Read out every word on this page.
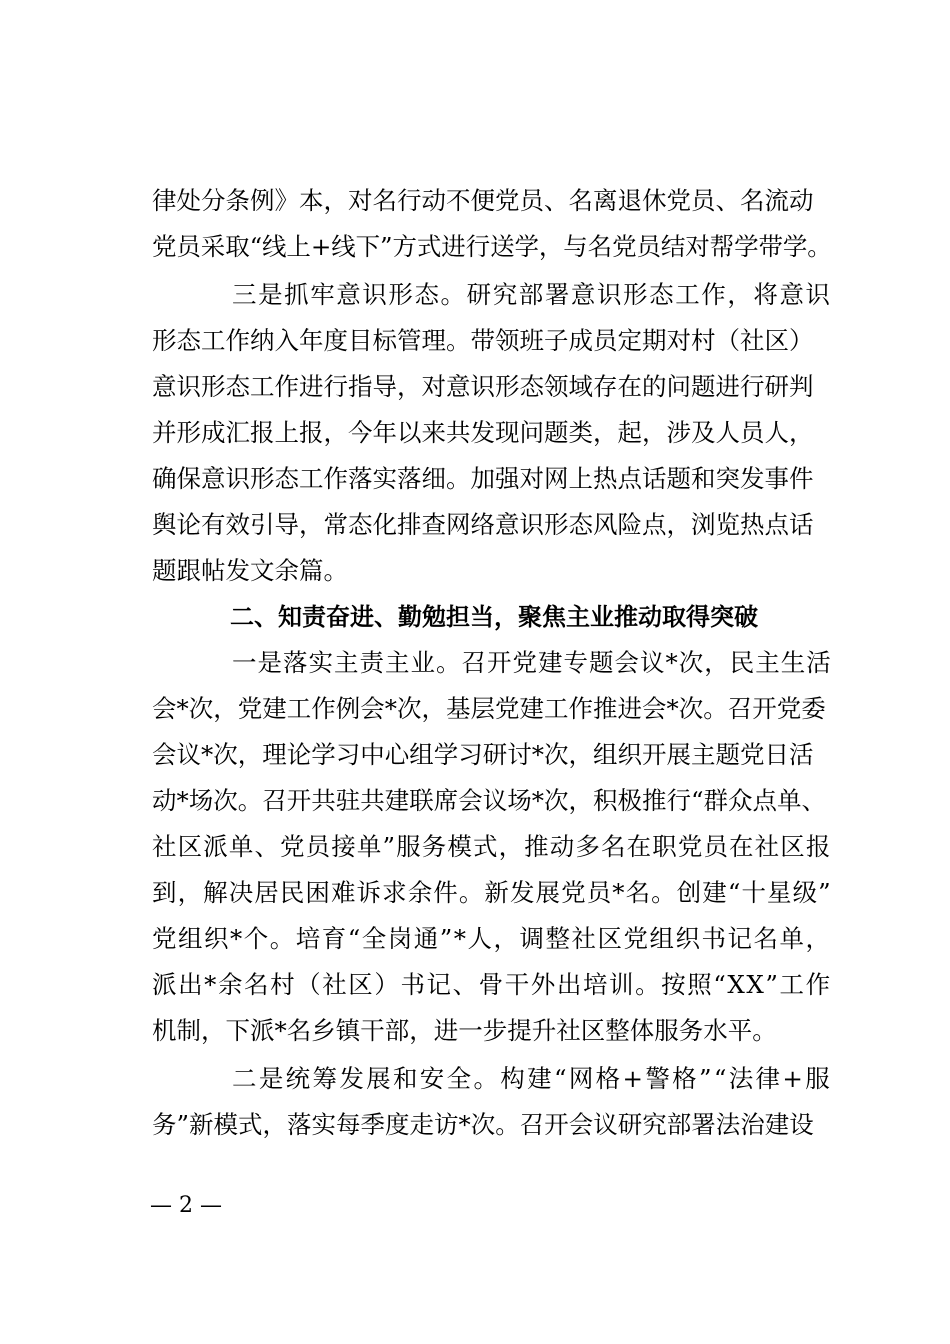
律处分条例》本，对名行动不便党员、名离退休党员、名流动
党员采取“线上+线下”方式进行送学，与名党员结对帮学带学。
三是抓牢意识形态。研究部署意识形态工作，将意识
形态工作纳入年度目标管理。带领班子成员定期对村（社区）
意识形态工作进行指导，对意识形态领域存在的问题进行研判
并形成汇报上报，今年以来共发现问题类，起，涉及人员人，
确保意识形态工作落实落细。加强对网上热点话题和突发事件
舆论有效引导，常态化排查网络意识形态风险点，浏览热点话
题跟帖发文余篇。
二、知责奋进、勤勉担当，聚焦主业推动取得突破
一是落实主责主业。召开党建专题会议*次，民主生活
会*次，党建工作例会*次，基层党建工作推进会*次。召开党委
会议*次，理论学习中心组学习研讨*次，组织开展主题党日活
动*场次。召开共驻共建联席会议场*次，积极推行“群众点单、
社区派单、党员接单”服务模式，推动多名在职党员在社区报
到，解决居民困难诉求余件。新发展党员*名。创建“十星级”
党组织*个。培育“全岗通”*人，调整社区党组织书记名单，
派出*余名村（社区）书记、骨干外出培训。按照“XX”工作
机制，下派*名乡镇干部，进一步提升社区整体服务水平。
二是统筹发展和安全。构建“网格+警格”“法律+服
务”新模式，落实每季度走访*次。召开会议研究部署法治建设
— 2 —
